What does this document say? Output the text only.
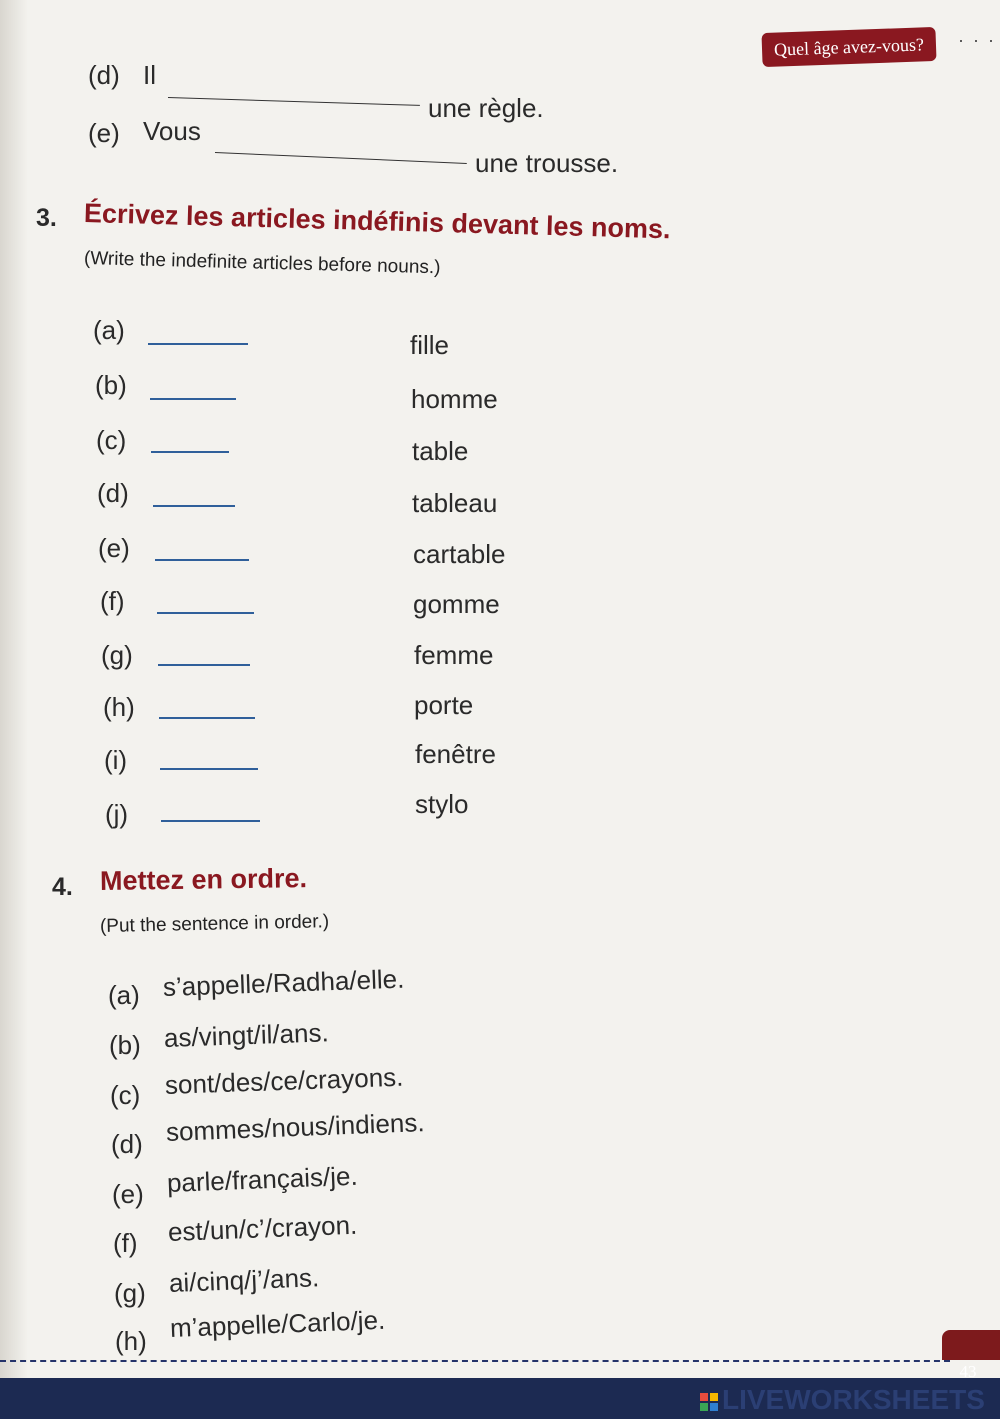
Quel âge avez-vous?	· · ·
(d) Il
une règle.
(e) Vous
une trousse.
3. Écrivez les articles indéfinis devant les noms.
(Write the indefinite articles before nouns.)
(a)	fille
(b)	homme
(c)	table
(d)	tableau
(e)	cartable
(f)	gomme
(g)	femme
(h)	porte
(i)	fenêtre
(j)	stylo
4. Mettez en ordre.
(Put the sentence in order.)
(a) s’appelle/Radha/elle.
(b) as/vingt/il/ans.
(c) sont/des/ce/crayons.
(d) sommes/nous/indiens.
(e) parle/français/je.
(f) est/un/c’/crayon.
(g) ai/cinq/j’/ans.
(h) m’appelle/Carlo/je.
43
LIVEWORKSHEETS
